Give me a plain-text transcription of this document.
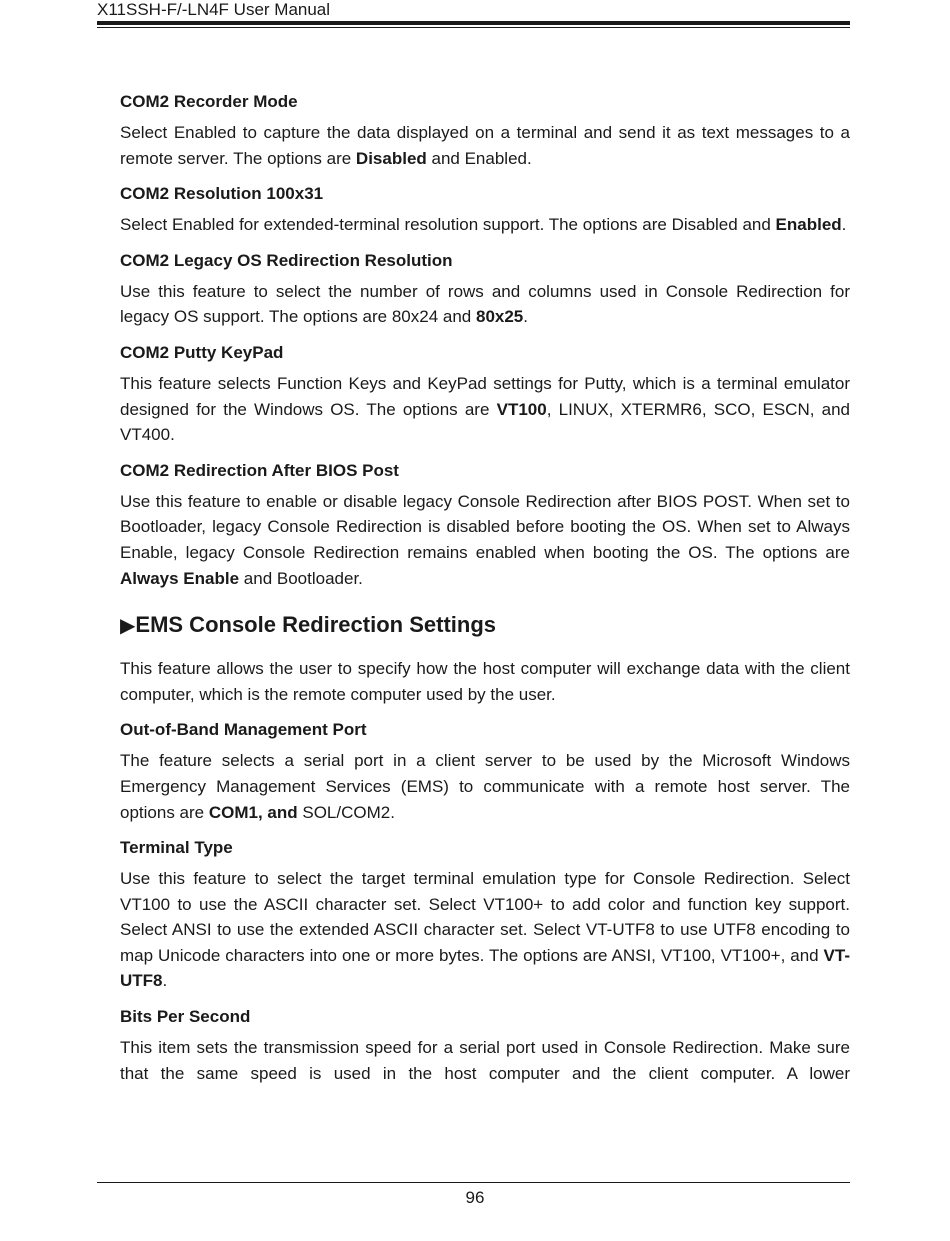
X11SSH-F/-LN4F User Manual
COM2 Recorder Mode

Select Enabled to capture the data displayed on a terminal and send it as text messages to a remote server. The options are Disabled and Enabled.

COM2 Resolution 100x31

Select Enabled for extended-terminal resolution support. The options are Disabled and Enabled.

COM2 Legacy OS Redirection Resolution

Use this feature to select the number of rows and columns used in Console Redirection for legacy OS support. The options are 80x24 and 80x25.

COM2 Putty KeyPad

This feature selects Function Keys and KeyPad settings for Putty, which is a terminal emulator designed for the Windows OS. The options are VT100, LINUX, XTERMR6, SCO, ESCN, and VT400.

COM2 Redirection After BIOS Post

Use this feature to enable or disable legacy Console Redirection after BIOS POST. When set to Bootloader, legacy Console Redirection is disabled before booting the OS. When set to Always Enable, legacy Console Redirection remains enabled when booting the OS. The options are Always Enable and Bootloader.

▶EMS Console Redirection Settings

This feature allows the user to specify how the host computer will exchange data with the client computer, which is the remote computer used by the user.

Out-of-Band Management Port

The feature selects a serial port in a client server to be used by the Microsoft Windows Emergency Management Services (EMS) to communicate with a remote host server. The options are COM1, and SOL/COM2.

Terminal Type

Use this feature to select the target terminal emulation type for Console Redirection. Select VT100 to use the ASCII character set. Select VT100+ to add color and function key support. Select ANSI to use the extended ASCII character set. Select VT-UTF8 to use UTF8 encoding to map Unicode characters into one or more bytes. The options are ANSI, VT100, VT100+, and VT-UTF8.

Bits Per Second

This item sets the transmission speed for a serial port used in Console Redirection. Make sure that the same speed is used in the host computer and the client computer. A lower

96
